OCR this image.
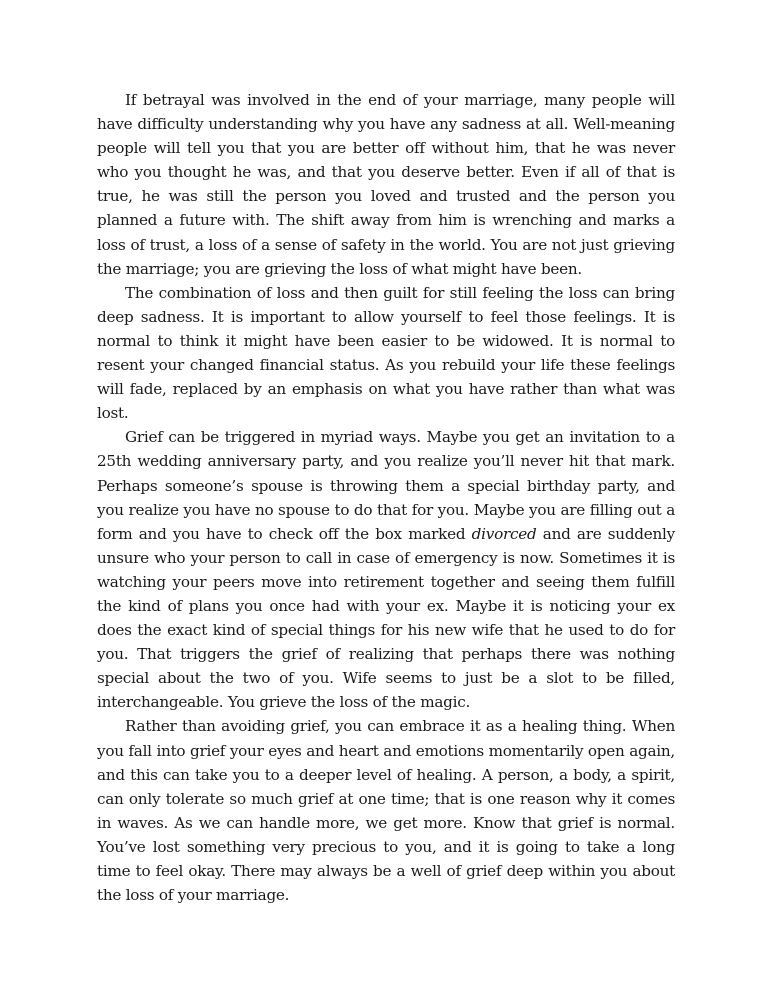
If betrayal was involved in the end of your marriage, many people will have difficulty understanding why you have any sadness at all. Well-meaning people will tell you that you are better off without him, that he was never who you thought he was, and that you deserve better. Even if all of that is true, he was still the person you loved and trusted and the person you planned a future with. The shift away from him is wrenching and marks a loss of trust, a loss of a sense of safety in the world. You are not just grieving the marriage; you are grieving the loss of what might have been.

The combination of loss and then guilt for still feeling the loss can bring deep sadness. It is important to allow yourself to feel those feelings. It is normal to think it might have been easier to be widowed. It is normal to resent your changed financial status. As you rebuild your life these feelings will fade, replaced by an emphasis on what you have rather than what was lost.

Grief can be triggered in myriad ways. Maybe you get an invitation to a 25th wedding anniversary party, and you realize you’ll never hit that mark. Perhaps someone’s spouse is throwing them a special birthday party, and you realize you have no spouse to do that for you. Maybe you are filling out a form and you have to check off the box marked divorced and are suddenly unsure who your person to call in case of emergency is now. Sometimes it is watching your peers move into retirement together and seeing them fulfill the kind of plans you once had with your ex. Maybe it is noticing your ex does the exact kind of special things for his new wife that he used to do for you. That triggers the grief of realizing that perhaps there was nothing special about the two of you. Wife seems to just be a slot to be filled, interchangeable. You grieve the loss of the magic.

Rather than avoiding grief, you can embrace it as a healing thing. When you fall into grief your eyes and heart and emotions momentarily open again, and this can take you to a deeper level of healing. A person, a body, a spirit, can only tolerate so much grief at one time; that is one reason why it comes in waves. As we can handle more, we get more. Know that grief is normal. You’ve lost something very precious to you, and it is going to take a long time to feel okay. There may always be a well of grief deep within you about the loss of your marriage.
